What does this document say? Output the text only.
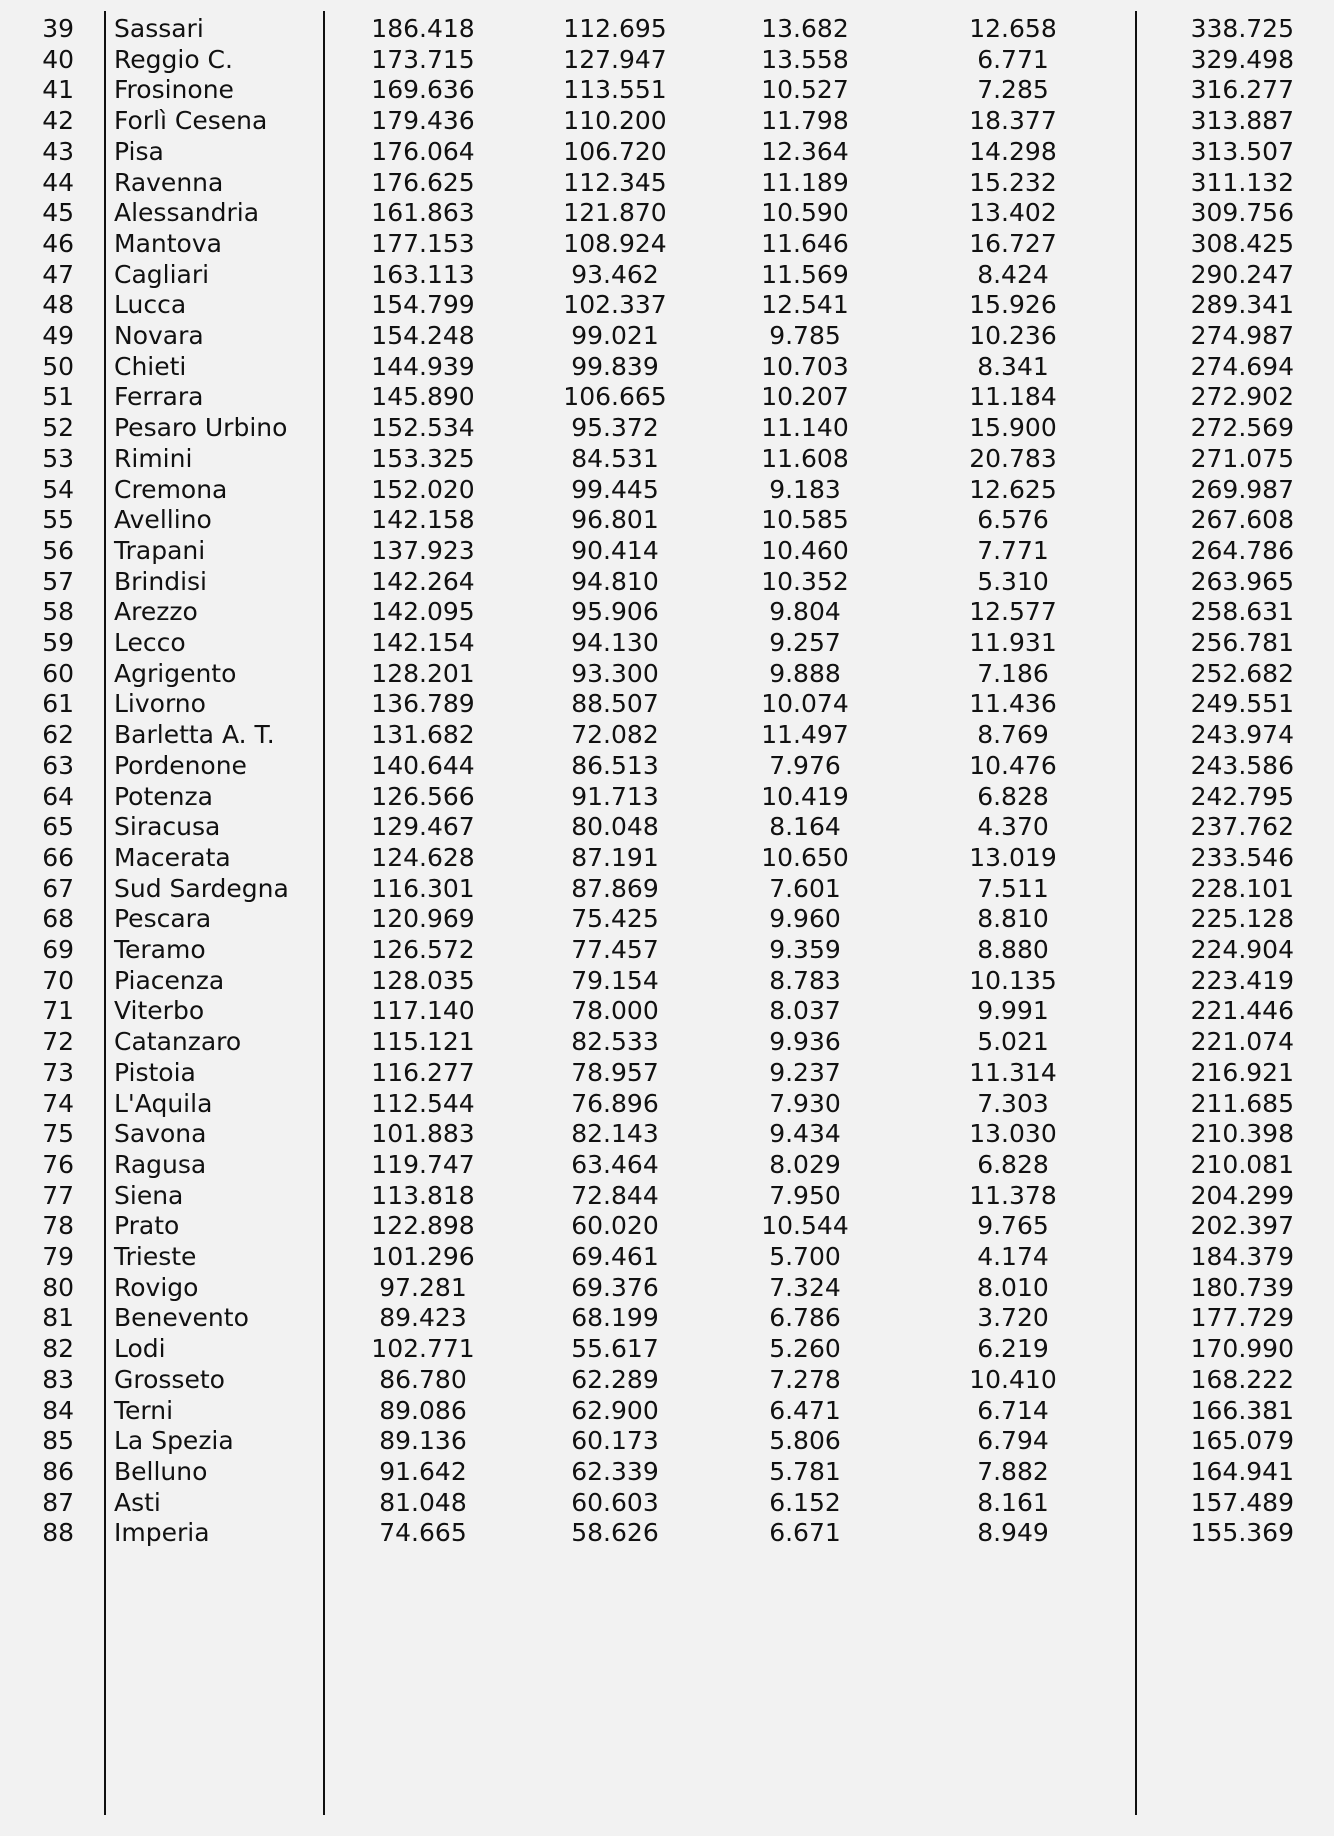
39 Sassari	186.418	112.695	13.682	12.658	338.725
40 Reggio C.	173.715	127.947	13.558	6.771	329.498
41 Frosinone	169.636	113.551	10.527	7.285	316.277
42 Forlì Cesena	179.436	110.200	11.798	18.377	313.887
43 Pisa	176.064	106.720	12.364	14.298	313.507
44 Ravenna	176.625	112.345	11.189	15.232	311.132
45 Alessandria	161.863	121.870	10.590	13.402	309.756
46 Mantova	177.153	108.924	11.646	16.727	308.425
47 Cagliari	163.113	93.462	11.569	8.424	290.247
48 Lucca	154.799	102.337	12.541	15.926	289.341
49 Novara	154.248	99.021	9.785	10.236	274.987
50 Chieti	144.939	99.839	10.703	8.341	274.694
51 Ferrara	145.890	106.665	10.207	11.184	272.902
52 Pesaro Urbino	152.534	95.372	11.140	15.900	272.569
53 Rimini	153.325	84.531	11.608	20.783	271.075
54 Cremona	152.020	99.445	9.183	12.625	269.987
55 Avellino	142.158	96.801	10.585	6.576	267.608
56 Trapani	137.923	90.414	10.460	7.771	264.786
57 Brindisi	142.264	94.810	10.352	5.310	263.965
58 Arezzo	142.095	95.906	9.804	12.577	258.631
59 Lecco	142.154	94.130	9.257	11.931	256.781
60 Agrigento	128.201	93.300	9.888	7.186	252.682
61 Livorno	136.789	88.507	10.074	11.436	249.551
62 Barletta A. T.	131.682	72.082	11.497	8.769	243.974
63 Pordenone	140.644	86.513	7.976	10.476	243.586
64 Potenza	126.566	91.713	10.419	6.828	242.795
65 Siracusa	129.467	80.048	8.164	4.370	237.762
66 Macerata	124.628	87.191	10.650	13.019	233.546
67 Sud Sardegna	116.301	87.869	7.601	7.511	228.101
68 Pescara	120.969	75.425	9.960	8.810	225.128
69 Teramo	126.572	77.457	9.359	8.880	224.904
70 Piacenza	128.035	79.154	8.783	10.135	223.419
71 Viterbo	117.140	78.000	8.037	9.991	221.446
72 Catanzaro	115.121	82.533	9.936	5.021	221.074
73 Pistoia	116.277	78.957	9.237	11.314	216.921
74 L'Aquila	112.544	76.896	7.930	7.303	211.685
75 Savona	101.883	82.143	9.434	13.030	210.398
76 Ragusa	119.747	63.464	8.029	6.828	210.081
77 Siena	113.818	72.844	7.950	11.378	204.299
78 Prato	122.898	60.020	10.544	9.765	202.397
79 Trieste	101.296	69.461	5.700	4.174	184.379
80 Rovigo	97.281	69.376	7.324	8.010	180.739
81 Benevento	89.423	68.199	6.786	3.720	177.729
82 Lodi	102.771	55.617	5.260	6.219	170.990
83 Grosseto	86.780	62.289	7.278	10.410	168.222
84 Terni	89.086	62.900	6.471	6.714	166.381
85 La Spezia	89.136	60.173	5.806	6.794	165.079
86 Belluno	91.642	62.339	5.781	7.882	164.941
87 Asti	81.048	60.603	6.152	8.161	157.489
88 Imperia	74.665	58.626	6.671	8.949	155.369
